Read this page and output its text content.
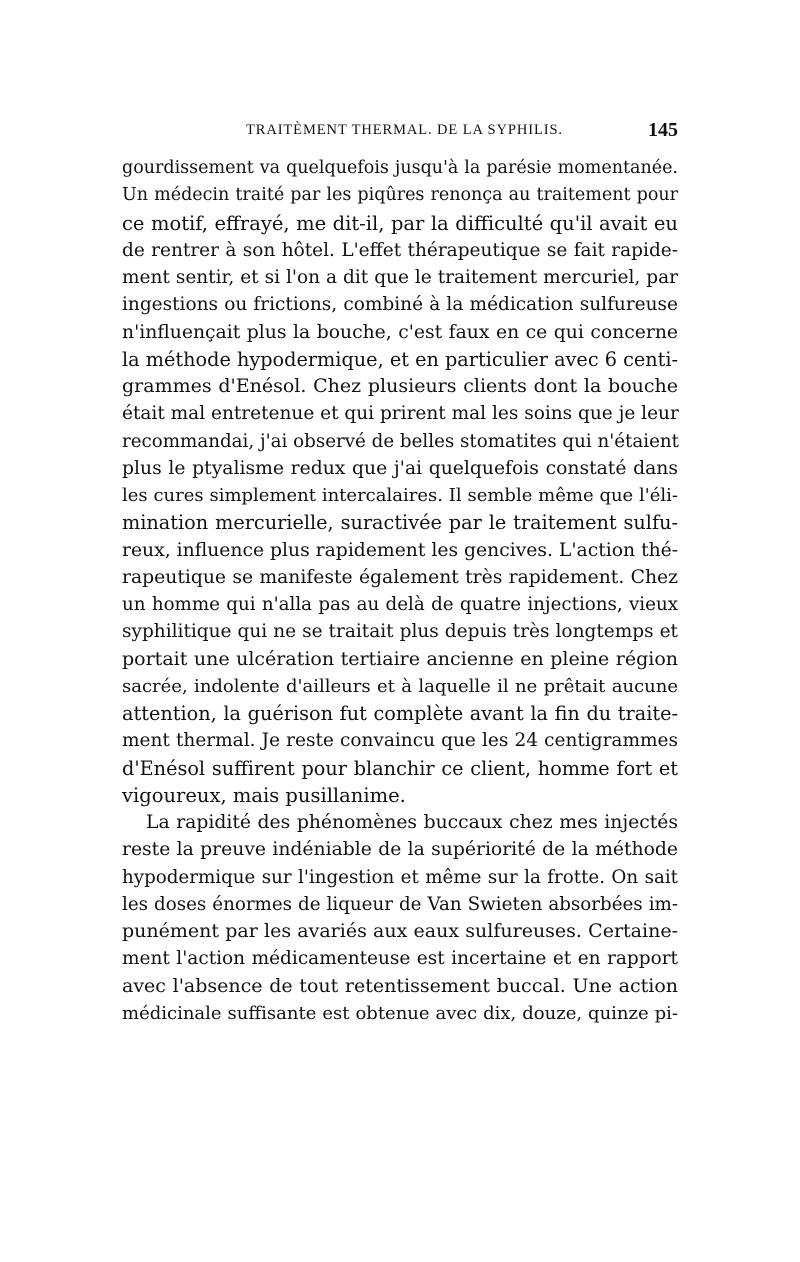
TRAITÈMENT THERMAL. DE LA SYPHILIS.	145
gourdissement va quelquefois jusqu'à la parésie momentanée.
Un médecin traité par les piqûres renonça au traitement pour
ce motif, effrayé, me dit-il, par la difficulté qu'il avait eu
de rentrer à son hôtel. L'effet thérapeutique se fait rapide-
ment sentir, et si l'on a dit que le traitement mercuriel, par
ingestions ou frictions, combiné à la médication sulfureuse
n'influençait plus la bouche, c'est faux en ce qui concerne
la méthode hypodermique, et en particulier avec 6 centi-
grammes d'Enésol. Chez plusieurs clients dont la bouche
était mal entretenue et qui prirent mal les soins que je leur
recommandai, j'ai observé de belles stomatites qui n'étaient
plus le ptyalisme redux que j'ai quelquefois constaté dans
les cures simplement intercalaires. Il semble même que l'éli-
mination mercurielle, suractivée par le traitement sulfu-
reux, influence plus rapidement les gencives. L'action thé-
rapeutique se manifeste également très rapidement. Chez
un homme qui n'alla pas au delà de quatre injections, vieux
syphilitique qui ne se traitait plus depuis très longtemps et
portait une ulcération tertiaire ancienne en pleine région
sacrée, indolente d'ailleurs et à laquelle il ne prêtait aucune
attention, la guérison fut complète avant la fin du traite-
ment thermal. Je reste convaincu que les 24 centigrammes
d'Enésol suffirent pour blanchir ce client, homme fort et
vigoureux, mais pusillanime.
La rapidité des phénomènes buccaux chez mes injectés
reste la preuve indéniable de la supériorité de la méthode
hypodermique sur l'ingestion et même sur la frotte. On sait
les doses énormes de liqueur de Van Swieten absorbées im-
punément par les avariés aux eaux sulfureuses. Certaine-
ment l'action médicamenteuse est incertaine et en rapport
avec l'absence de tout retentissement buccal. Une action
médicinale suffisante est obtenue avec dix, douze, quinze pi-
